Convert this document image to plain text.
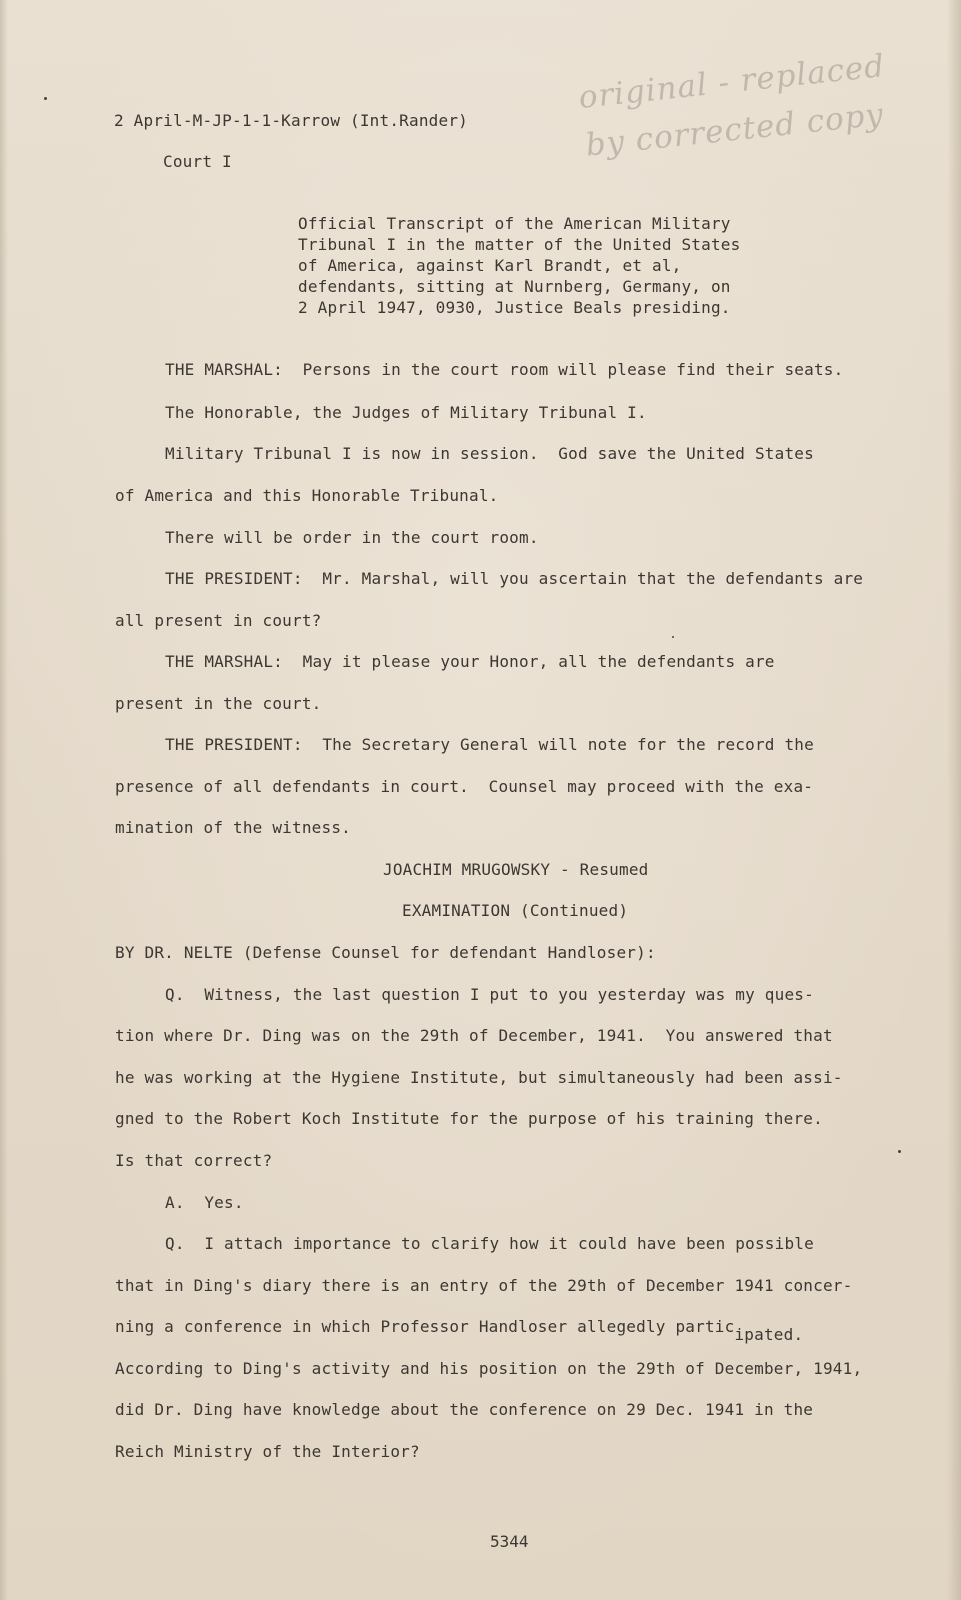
original - replaced
by corrected copy
2 April-M-JP-1-1-Karrow (Int.Rander)
Court I
Official Transcript of the American Military
Tribunal I in the matter of the United States
of America, against Karl Brandt, et al,
defendants, sitting at Nurnberg, Germany, on
2 April 1947, 0930, Justice Beals presiding.
THE MARSHAL:  Persons in the court room will please find their seats.
The Honorable, the Judges of Military Tribunal I.
Military Tribunal I is now in session.  God save the United States
of America and this Honorable Tribunal.
There will be order in the court room.
THE PRESIDENT:  Mr. Marshal, will you ascertain that the defendants are
all present in court?
THE MARSHAL:  May it please your Honor, all the defendants are
present in the court.
THE PRESIDENT:  The Secretary General will note for the record the
presence of all defendants in court.  Counsel may proceed with the exa-
mination of the witness.
JOACHIM MRUGOWSKY - Resumed
EXAMINATION (Continued)
BY DR. NELTE (Defense Counsel for defendant Handloser):
Q.  Witness, the last question I put to you yesterday was my ques-
tion where Dr. Ding was on the 29th of December, 1941.  You answered that
he was working at the Hygiene Institute, but simultaneously had been assi-
gned to the Robert Koch Institute for the purpose of his training there.
Is that correct?
A.  Yes.
Q.  I attach importance to clarify how it could have been possible
that in Ding's diary there is an entry of the 29th of December 1941 concer-
ning a conference in which Professor Handloser allegedly participated.
According to Ding's activity and his position on the 29th of December, 1941,
did Dr. Ding have knowledge about the conference on 29 Dec. 1941 in the
Reich Ministry of the Interior?
5344
